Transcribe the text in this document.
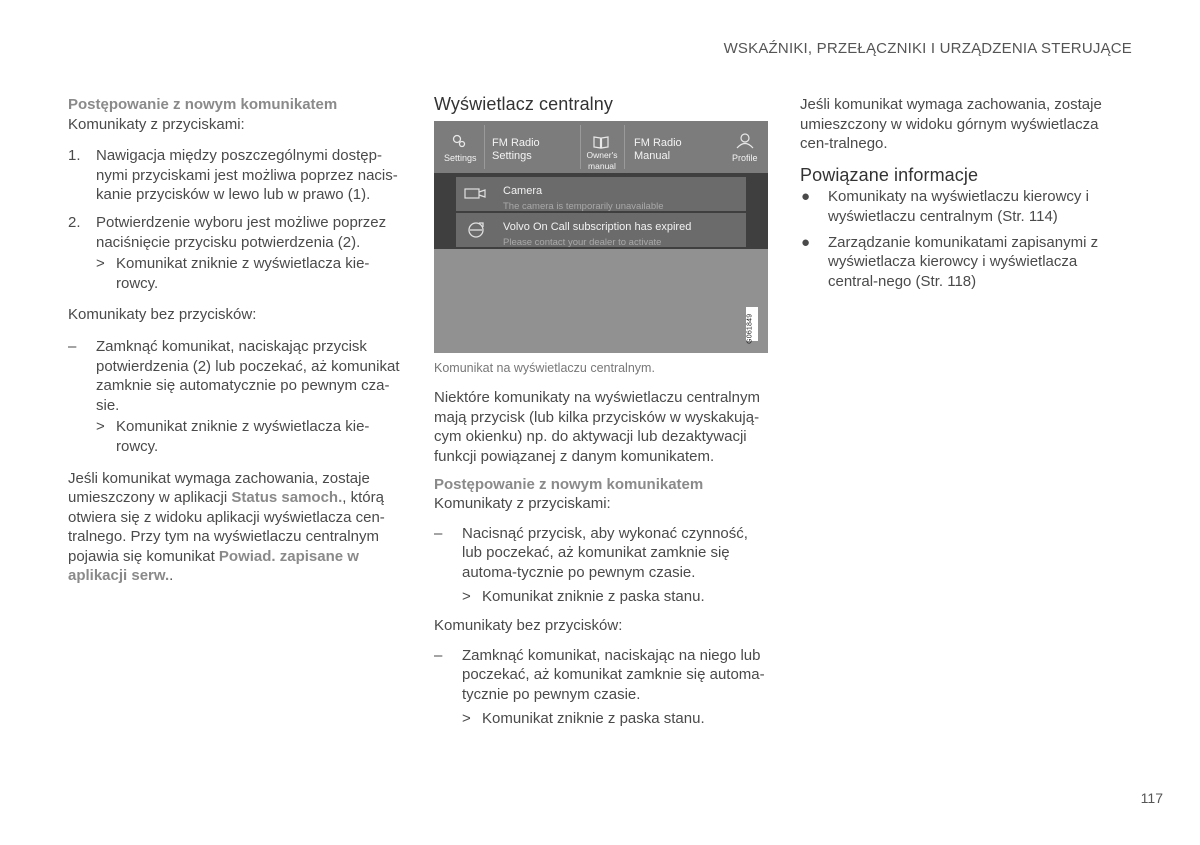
WSKAŹNIKI, PRZEŁĄCZNIKI I URZĄDZENIA STERUJĄCE
Postępowanie z nowym komunikatem

Komunikaty z przyciskami:

1. Nawigacja między poszczególnymi dostęp-nymi przyciskami jest możliwa poprzez nacis-kanie przycisków w lewo lub w prawo (1).
2. Potwierdzenie wyboru jest możliwe poprzez naciśnięcie przycisku potwierdzenia (2).
> Komunikat zniknie z wyświetlacza kie-rowcy.

Komunikaty bez przycisków:

– Zamknąć komunikat, naciskając przycisk potwierdzenia (2) lub poczekać, aż komunikat zamknie się automatycznie po pewnym cza-sie.
> Komunikat zniknie z wyświetlacza kie-rowcy.

Jeśli komunikat wymaga zachowania, zostaje umieszczony w aplikacji Status samoch., którą otwiera się z widoku aplikacji wyświetlacza cen-tralnego. Przy tym na wyświetlaczu centralnym pojawia się komunikat Powiad. zapisane w aplikacji serw..

Wyświetlacz centralny
Settings
FM Radio
Settings	Owner's
manual
FM Radio
Manual	Profile
Camera
The camera is temporarily unavailable
Volvo On Call subscription has expired
Please contact your dealer to activate
G061849
Komunikat na wyświetlaczu centralnym.

Niektóre komunikaty na wyświetlaczu centralnym mają przycisk (lub kilka przycisków w wyskakują-cym okienku) np. do aktywacji lub dezaktywacji funkcji powiązanej z danym komunikatem.

Postępowanie z nowym komunikatem

Komunikaty z przyciskami:

– Nacisnąć przycisk, aby wykonać czynność, lub poczekać, aż komunikat zamknie się automa-tycznie po pewnym czasie.
> Komunikat zniknie z paska stanu.

Komunikaty bez przycisków:

– Zamknąć komunikat, naciskając na niego lub poczekać, aż komunikat zamknie się automa-tycznie po pewnym czasie.
> Komunikat zniknie z paska stanu.

Jeśli komunikat wymaga zachowania, zostaje umieszczony w widoku górnym wyświetlacza cen-tralnego.

Powiązane informacje
● Komunikaty na wyświetlaczu kierowcy i wyświetlaczu centralnym (Str. 114)
● Zarządzanie komunikatami zapisanymi z wyświetlacza kierowcy i wyświetlacza central-nego (Str. 118)
117
